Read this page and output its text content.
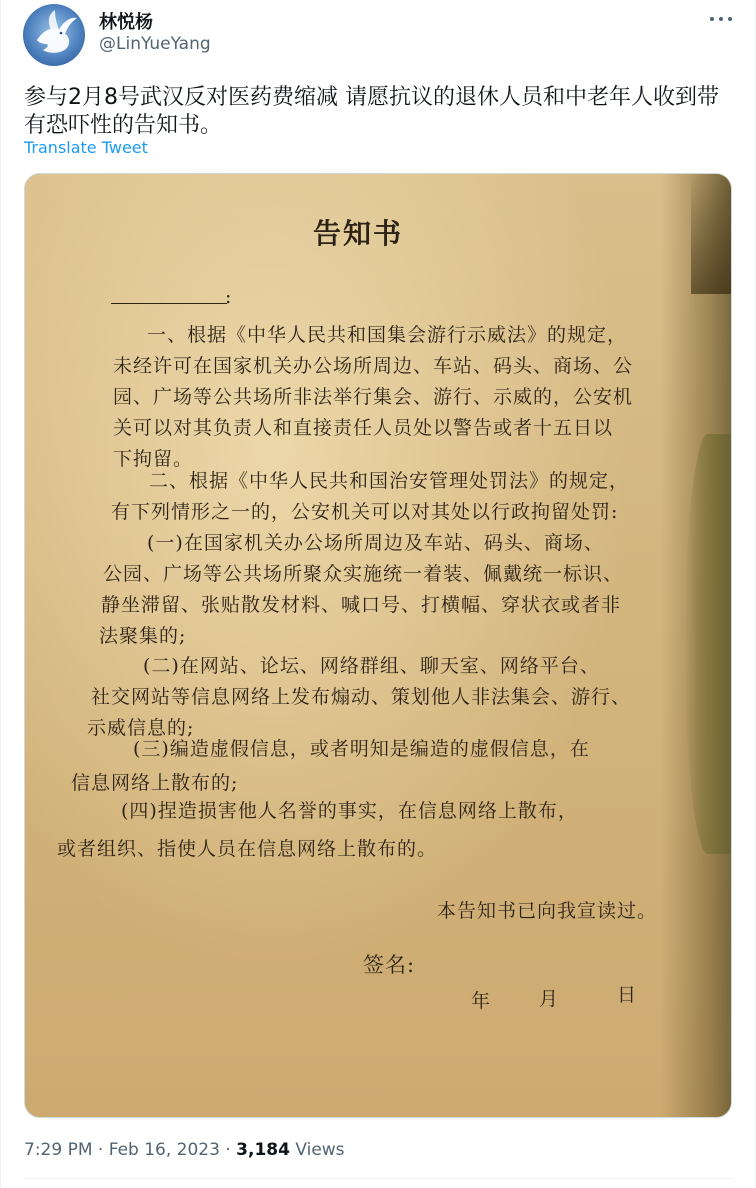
林悦杨
@LinYueYang
参与2月8号武汉反对医药费缩减 请愿抗议的退休人员和中老年人收到带有恐吓性的告知书。
Translate Tweet
告知书
:
一、根据《中华人民共和国集会游行示威法》的规定，
未经许可在国家机关办公场所周边、车站、码头、商场、公
园、广场等公共场所非法举行集会、游行、示威的，公安机
关可以对其负责人和直接责任人员处以警告或者十五日以
下拘留。
二、根据《中华人民共和国治安管理处罚法》的规定，
有下列情形之一的，公安机关可以对其处以行政拘留处罚:
(一)在国家机关办公场所周边及车站、码头、商场、
公园、广场等公共场所聚众实施统一着装、佩戴统一标识、
静坐滞留、张贴散发材料、喊口号、打横幅、穿状衣或者非
法聚集的;
(二)在网站、论坛、网络群组、聊天室、网络平台、
社交网站等信息网络上发布煽动、策划他人非法集会、游行、
示威信息的;
(三)编造虚假信息，或者明知是编造的虚假信息，在
信息网络上散布的;
(四)捏造损害他人名誉的事实，在信息网络上散布，
或者组织、指使人员在信息网络上散布的。
本告知书已向我宣读过。
签名:
年	月	日
7:29 PM · Feb 16, 2023 · 3,184 Views
